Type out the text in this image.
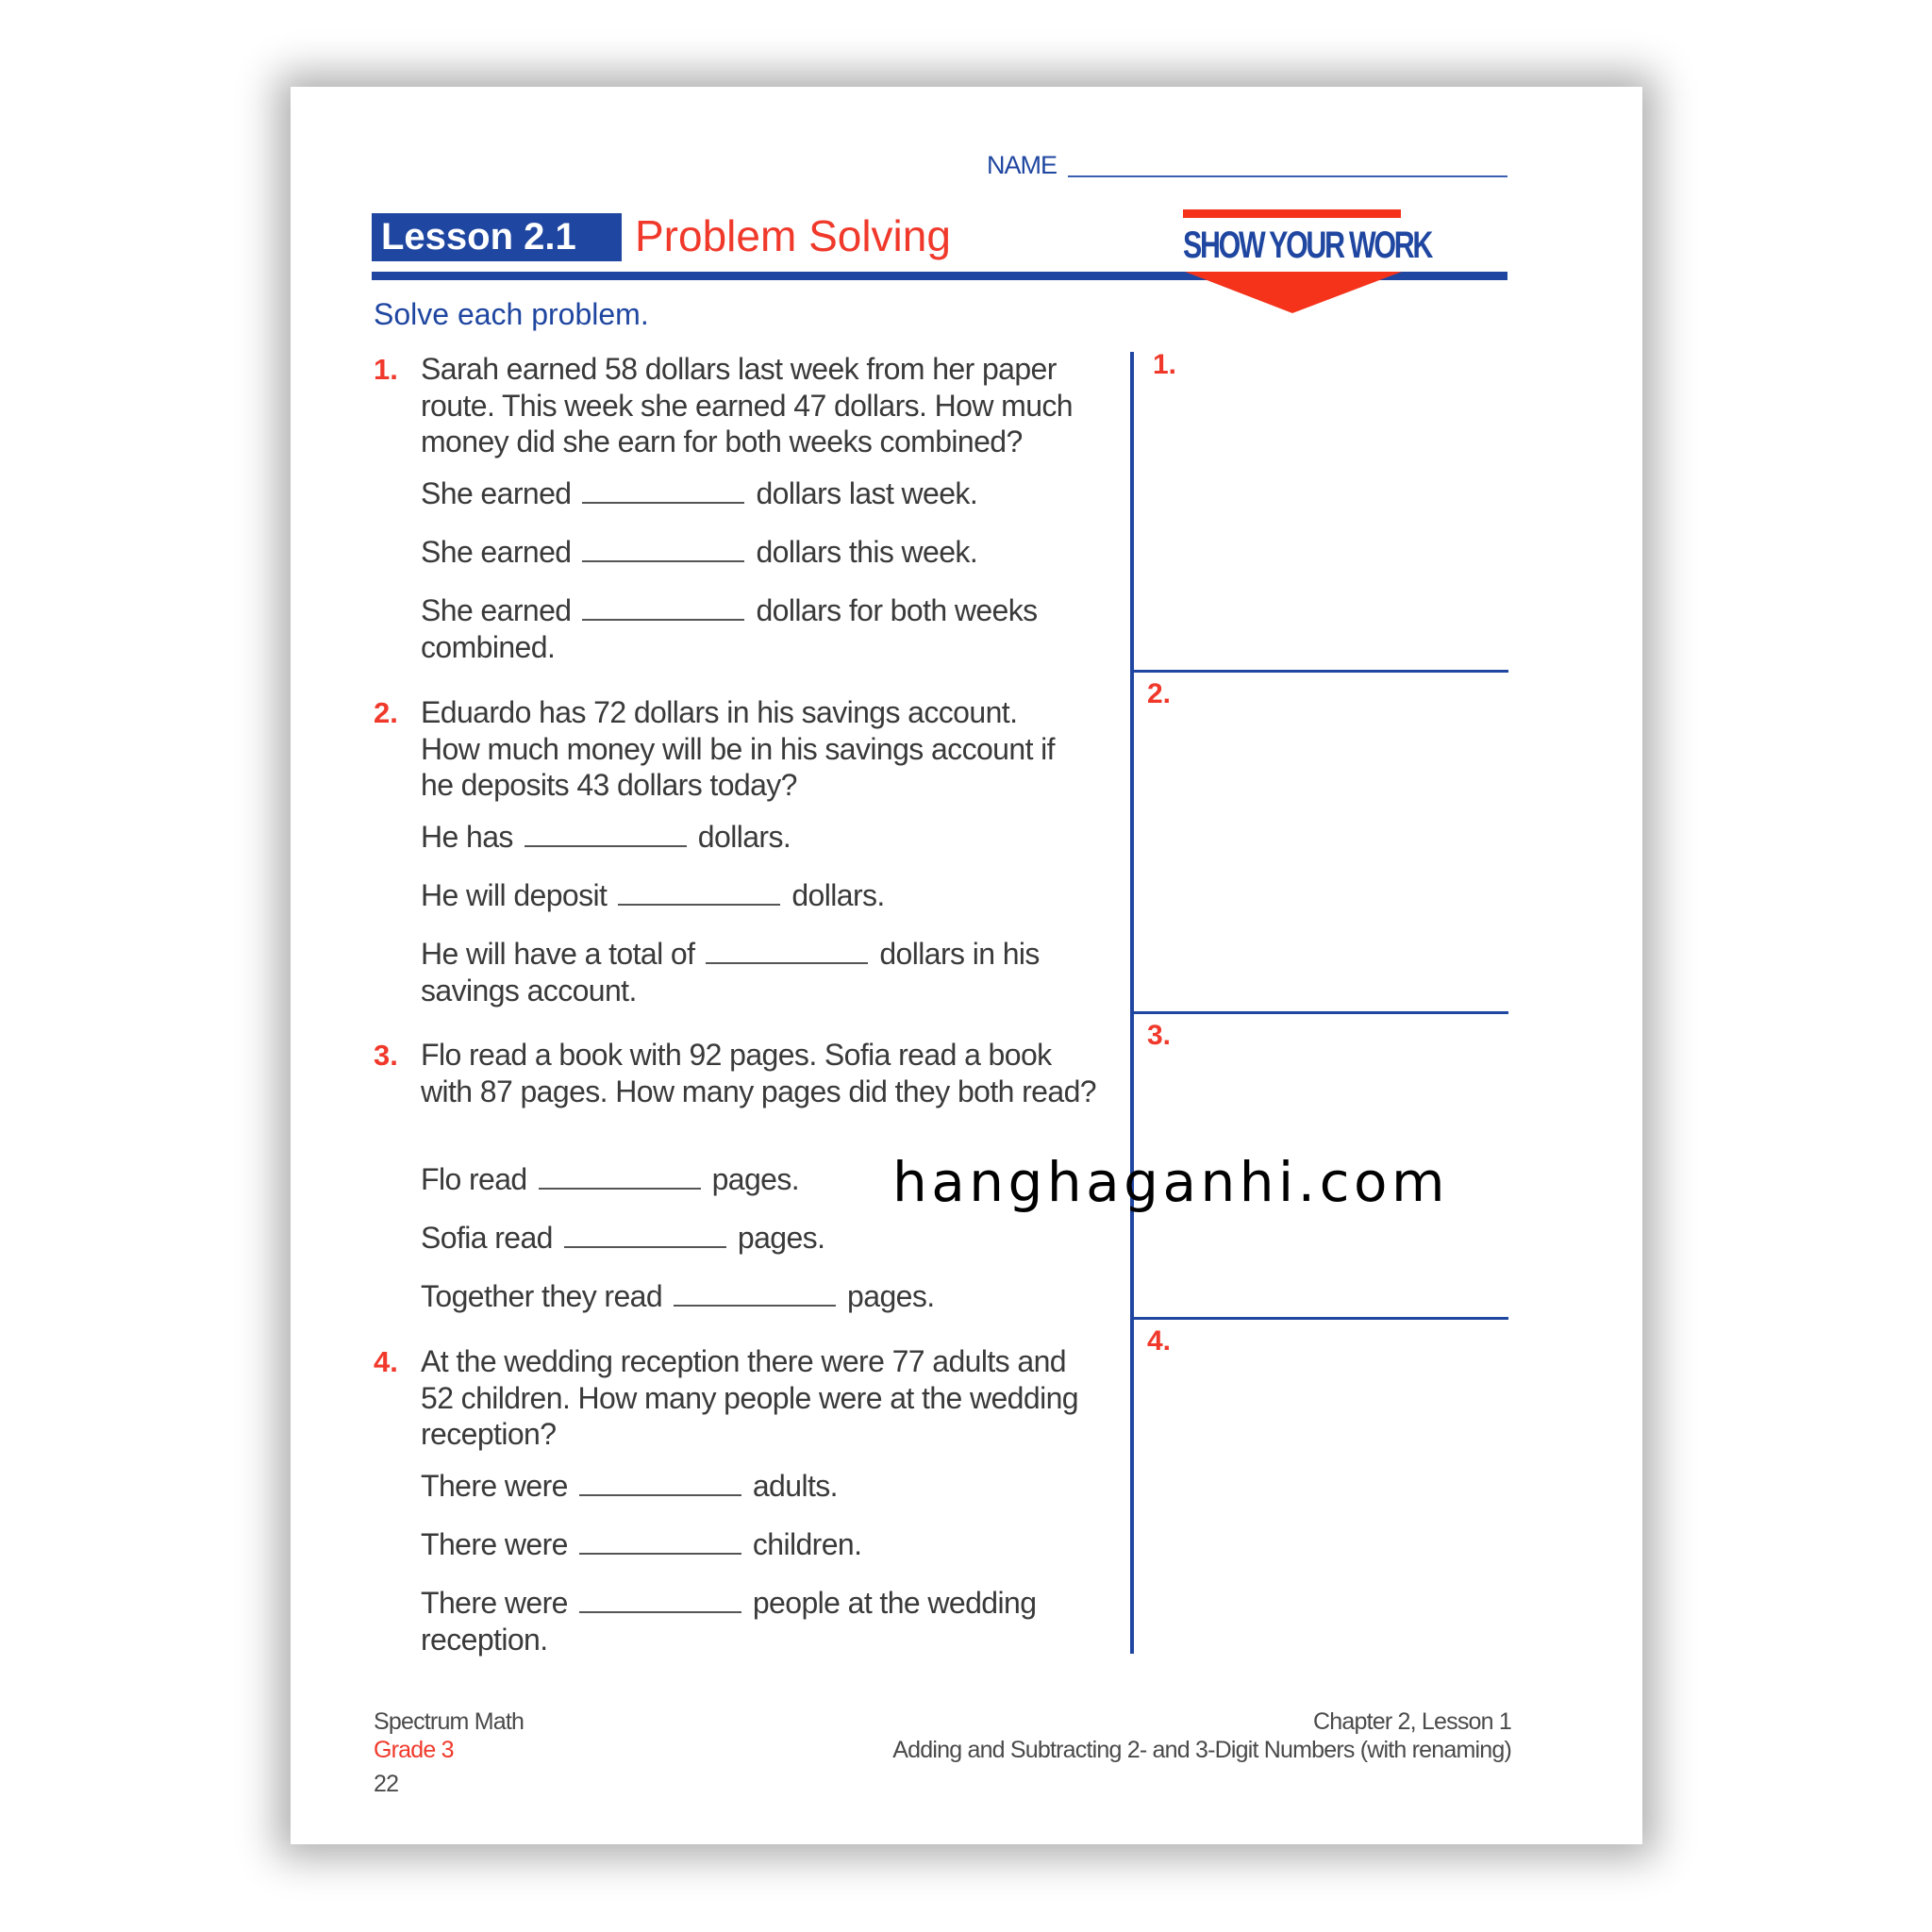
NAME
Lesson 2.1	Problem Solving	SHOW YOUR WORK
Solve each problem.
1. Sarah earned 58 dollars last week from her paper route. This week she earned 47 dollars. How much money did she earn for both weeks combined?
She earned	dollars last week.
She earned	dollars this week.
She earned	dollars for both weeks combined.
2. Eduardo has 72 dollars in his savings account. How much money will be in his savings account if he deposits 43 dollars today?
He has	dollars.
He will deposit	dollars.
He will have a total of	dollars in his savings account.
3. Flo read a book with 92 pages. Sofia read a book with 87 pages. How many pages did they both read?
Flo read	pages.
Sofia read	pages.
Together they read	pages.
4. At the wedding reception there were 77 adults and 52 children. How many people were at the wedding reception?
There were	adults.
There were	children.
There were	people at the wedding reception.
1.
2.
3.
4.
hanghaganhi.com
Spectrum Math
Grade 3
22
Chapter 2, Lesson 1
Adding and Subtracting 2- and 3-Digit Numbers (with renaming)
